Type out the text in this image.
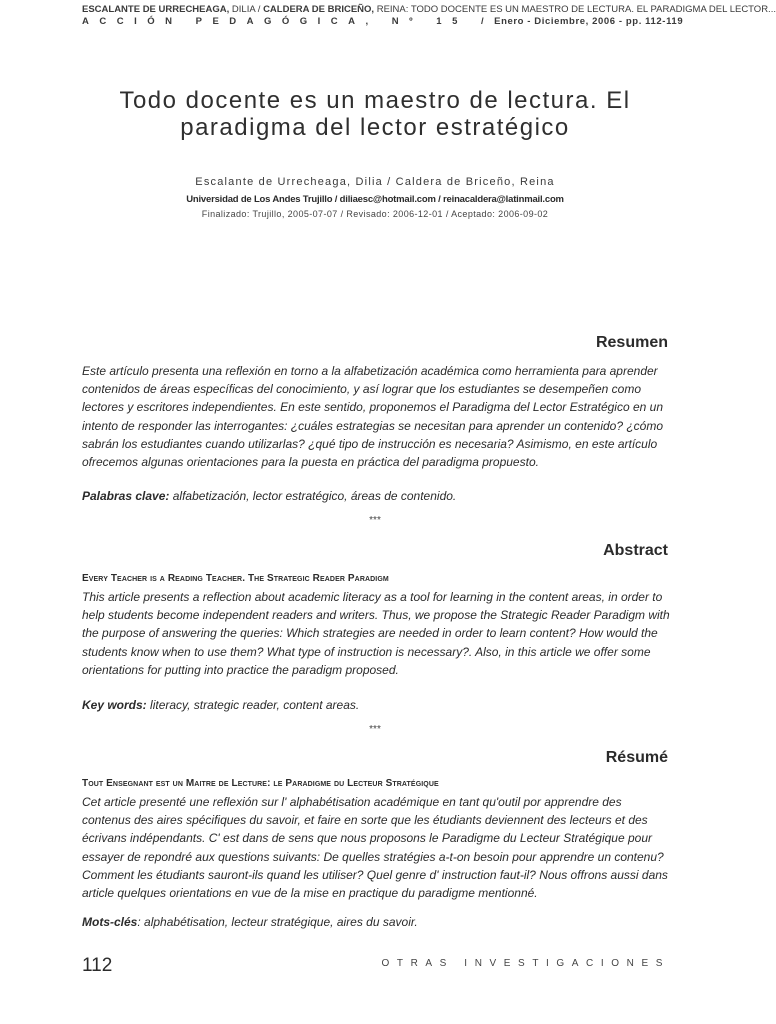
ESCALANTE DE URRECHEAGA, DILIA / CALDERA DE BRICEÑO, REINA: TODO DOCENTE ES UN MAESTRO DE LECTURA. EL PARADIGMA DEL LECTOR...
ACCIÓN PEDAGÓGICA, Nº 15 / Enero - Diciembre, 2006 - pp. 112-119
Todo docente es un maestro de lectura. El paradigma del lector estratégico
Escalante de Urrecheaga, Dilia / Caldera de Briceño, Reina
Universidad de Los Andes Trujillo / diliaesc@hotmail.com / reinacaldera@latinmail.com
Finalizado: Trujillo, 2005-07-07 / Revisado: 2006-12-01 / Aceptado: 2006-09-02
Resumen

Este artículo presenta una reflexión en torno a la alfabetización académica como herramienta para aprender contenidos de áreas específicas del conocimiento, y así lograr que los estudiantes se desempeñen como lectores y escritores independientes. En este sentido, proponemos el Paradigma del Lector Estratégico en un intento de responder las interrogantes: ¿cuáles estrategias se necesitan para aprender un contenido? ¿cómo sabrán los estudiantes cuando utilizarlas? ¿qué tipo de instrucción es necesaria? Asimismo, en este artículo ofrecemos algunas orientaciones para la puesta en práctica del paradigma propuesto.

Palabras clave: alfabetización, lector estratégico, áreas de contenido.
***
Abstract
Every Teacher is a Reading Teacher. The Strategic Reader Paradigm

This article presents a reflection about academic literacy as a tool for learning in the content areas, in order to help students become independent readers and writers. Thus, we propose the Strategic Reader Paradigm with the purpose of answering the queries: Which strategies are needed in order to learn content? How would the students know when to use them? What type of instruction is necessary?. Also, in this article we offer some orientations for putting into practice the paradigm proposed.

Key words: literacy, strategic reader, content areas.
***
Résumé
Tout Ensegnant est un Maitre de Lecture: le Paradigme du Lecteur Stratégique

Cet article presenté une reflexión sur l' alphabétisation académique en tant qu'outil por apprendre des contenus des aires spécifiques du savoir, et faire en sorte que les étudiants deviennent des lecteurs et des écrivans indépendants. C' est dans de sens que nous proposons le Paradigme du Lecteur Stratégique pour essayer de repondré aux questions suivants: De quelles stratégies a-t-on besoin pour apprendre un contenu? Comment les étudiants sauront-ils quand les utiliser? Quel genre d' instruction faut-il? Nous offrons aussi dans article quelques orientations en vue de la mise en practique du paradigme mentionné.

Mots-clés: alphabétisation, lecteur stratégique, aires du savoir.
112	OTRAS INVESTIGACIONES
